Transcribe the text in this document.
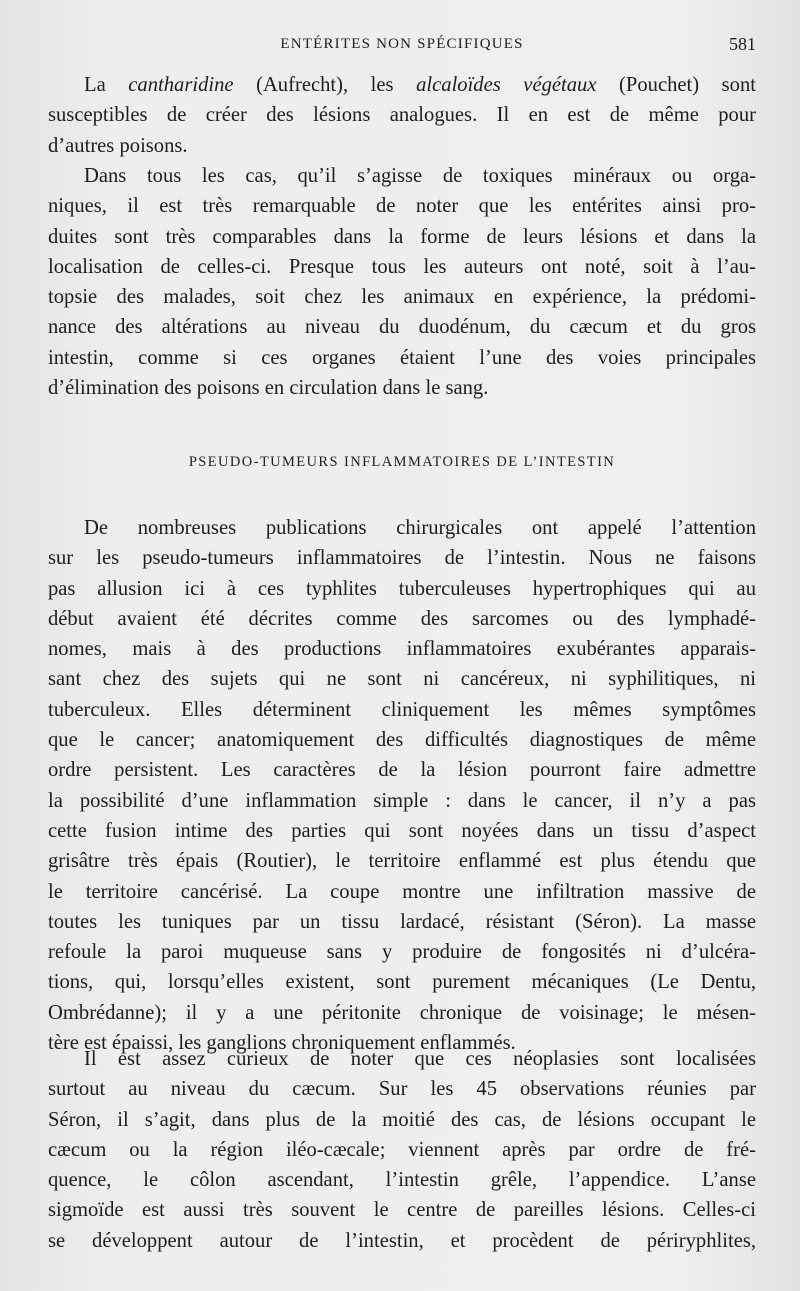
ENTÉRITES NON SPÉCIFIQUES	581
La cantharidine (Aufrecht), les alcaloïdes végétaux (Pouchet) sont
susceptibles de créer des lésions analogues. Il en est de même pour
d’autres poisons.
Dans tous les cas, qu’il s’agisse de toxiques minéraux ou orga-
niques, il est très remarquable de noter que les entérites ainsi pro-
duites sont très comparables dans la forme de leurs lésions et dans la
localisation de celles-ci. Presque tous les auteurs ont noté, soit à l’au-
topsie des malades, soit chez les animaux en expérience, la prédomi-
nance des altérations au niveau du duodénum, du cæcum et du gros
intestin, comme si ces organes étaient l’une des voies principales
d’élimination des poisons en circulation dans le sang.
PSEUDO-TUMEURS INFLAMMATOIRES DE L’INTESTIN
De nombreuses publications chirurgicales ont appelé l’attention
sur les pseudo-tumeurs inflammatoires de l’intestin. Nous ne faisons
pas allusion ici à ces typhlites tuberculeuses hypertrophiques qui au
début avaient été décrites comme des sarcomes ou des lymphadé-
nomes, mais à des productions inflammatoires exubérantes apparais-
sant chez des sujets qui ne sont ni cancéreux, ni syphilitiques, ni
tuberculeux. Elles déterminent cliniquement les mêmes symptômes
que le cancer; anatomiquement des difficultés diagnostiques de même
ordre persistent. Les caractères de la lésion pourront faire admettre
la possibilité d’une inflammation simple : dans le cancer, il n’y a pas
cette fusion intime des parties qui sont noyées dans un tissu d’aspect
grisâtre très épais (Routier), le territoire enflammé est plus étendu que
le territoire cancérisé. La coupe montre une infiltration massive de
toutes les tuniques par un tissu lardacé, résistant (Séron). La masse
refoule la paroi muqueuse sans y produire de fongosités ni d’ulcéra-
tions, qui, lorsqu’elles existent, sont purement mécaniques (Le Dentu,
Ombrédanne); il y a une péritonite chronique de voisinage; le mésen-
tère est épaissi, les ganglions chroniquement enflammés.
Il est assez curieux de noter que ces néoplasies sont localisées
surtout au niveau du cæcum. Sur les 45 observations réunies par
Séron, il s’agit, dans plus de la moitié des cas, de lésions occupant le
cæcum ou la région iléo-cæcale; viennent après par ordre de fré-
quence, le côlon ascendant, l’intestin grêle, l’appendice. L’anse
sigmoïde est aussi très souvent le centre de pareilles lésions. Celles-ci
se développent autour de l’intestin, et procèdent de périryphlites,
